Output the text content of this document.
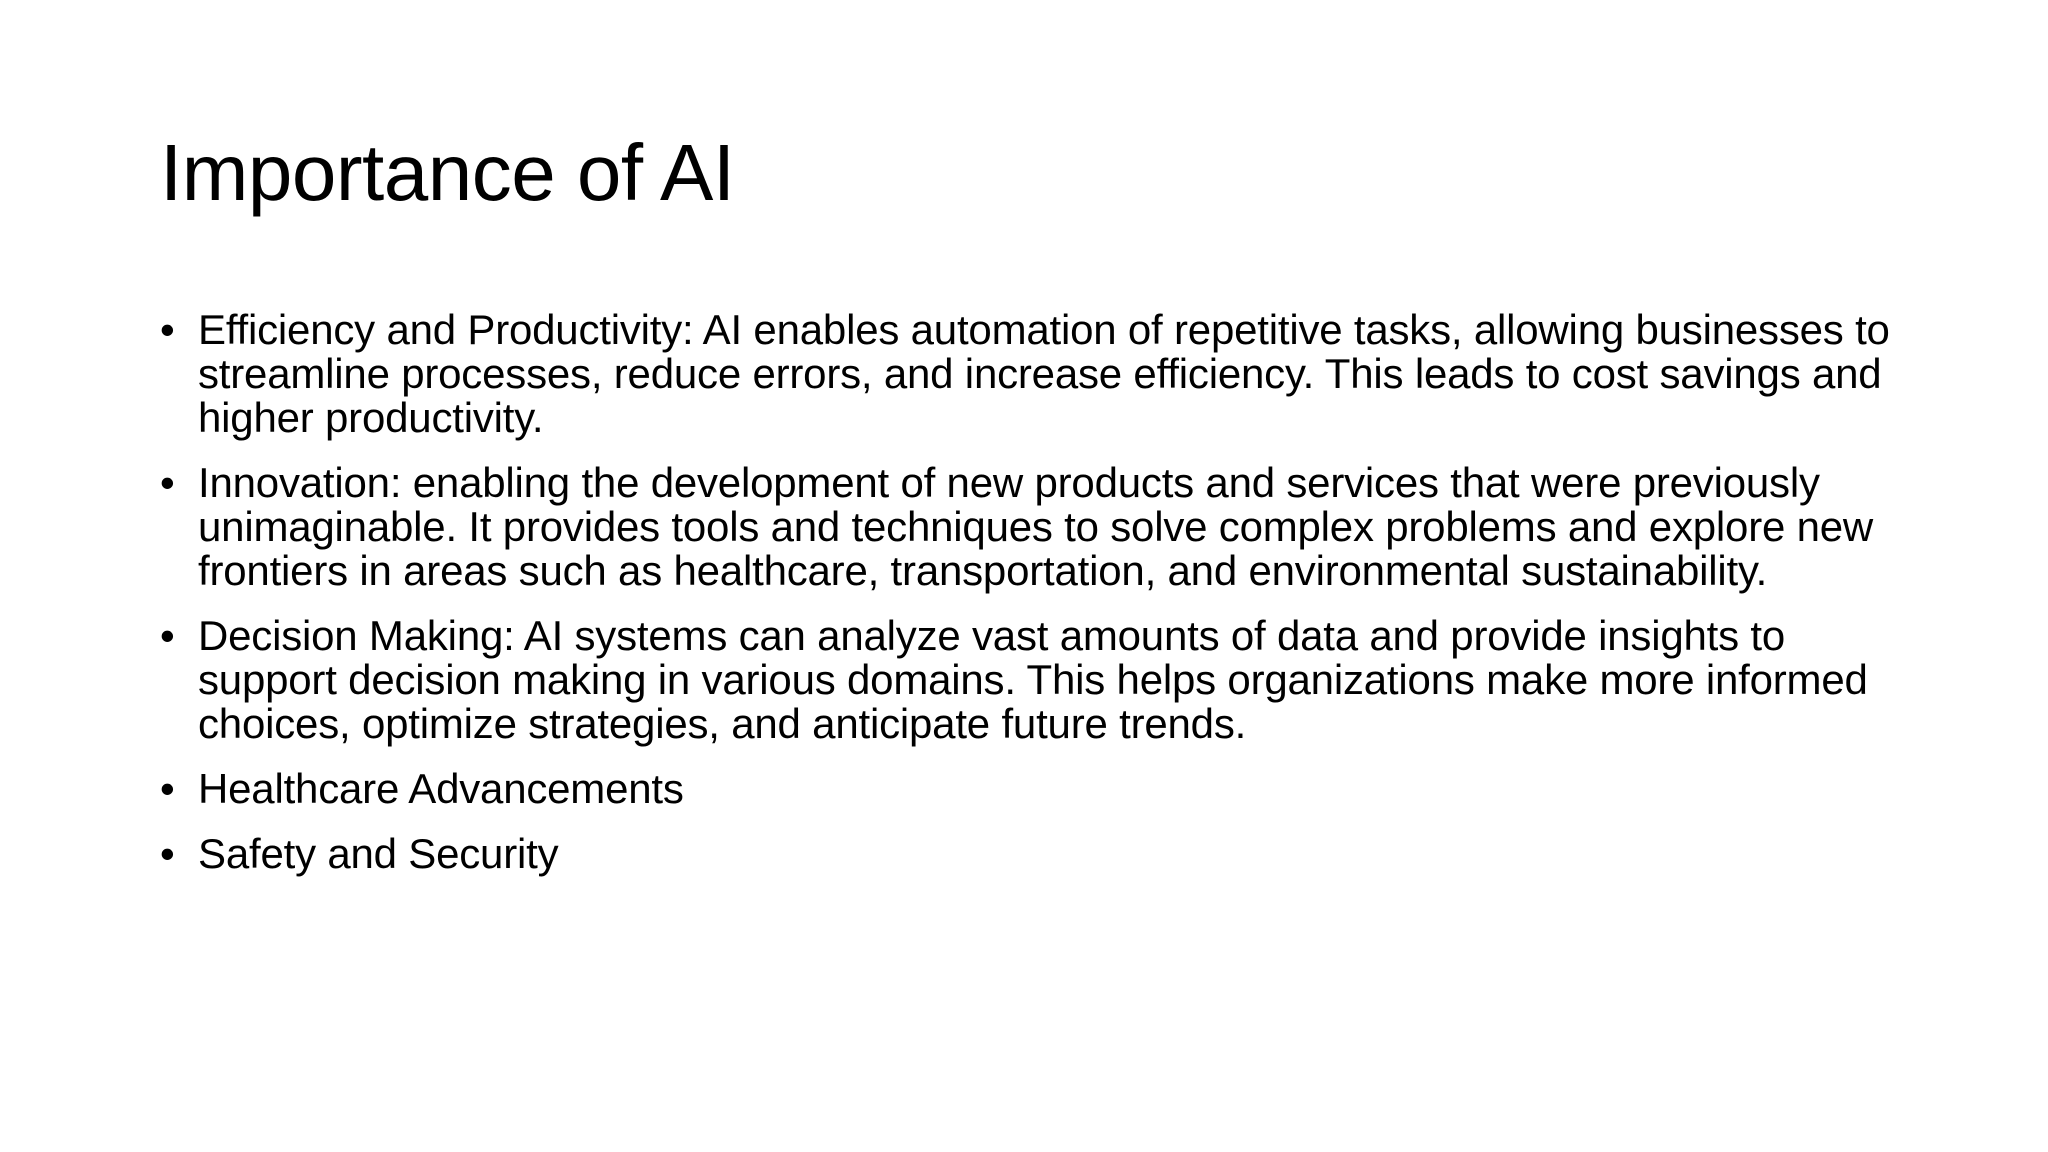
Importance of AI
• Efficiency and Productivity: AI enables automation of repetitive tasks, allowing businesses to streamline processes, reduce errors, and increase efficiency. This leads to cost savings and higher productivity.
• Innovation: enabling the development of new products and services that were previously unimaginable. It provides tools and techniques to solve complex problems and explore new frontiers in areas such as healthcare, transportation, and environmental sustainability.
• Decision Making: AI systems can analyze vast amounts of data and provide insights to support decision making in various domains. This helps organizations make more informed choices, optimize strategies, and anticipate future trends.
• Healthcare Advancements
• Safety and Security
